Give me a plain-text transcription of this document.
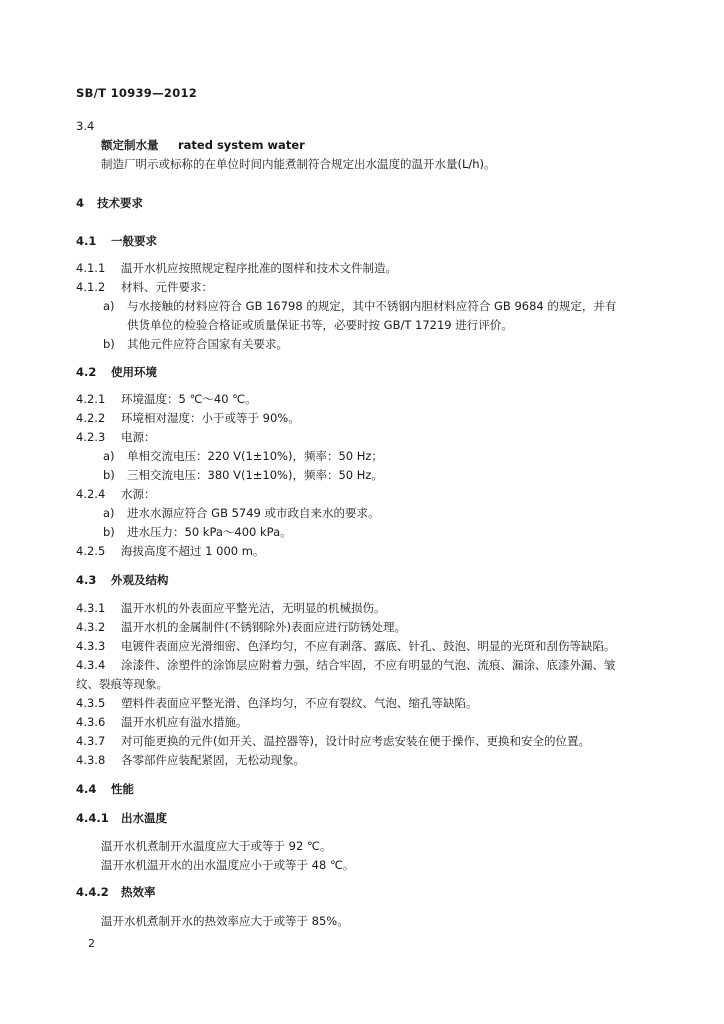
SB/T 10939—2012
3.4
额定制水量 rated system water
制造厂明示或标称的在单位时间内能煮制符合规定出水温度的温开水量(L/h)。
4 技术要求
4.1 一般要求
4.1.1 温开水机应按照规定程序批准的图样和技术文件制造。
4.1.2 材料、元件要求：
a) 与水接触的材料应符合 GB 16798 的规定，其中不锈钢内胆材料应符合 GB 9684 的规定，并有
供货单位的检验合格证或质量保证书等，必要时按 GB/T 17219 进行评价。
b) 其他元件应符合国家有关要求。
4.2 使用环境
4.2.1 环境温度：5 ℃～40 ℃。
4.2.2 环境相对湿度：小于或等于 90%。
4.2.3 电源：
a) 单相交流电压：220 V(1±10%)，频率：50 Hz；
b) 三相交流电压：380 V(1±10%)，频率：50 Hz。
4.2.4 水源：
a) 进水水源应符合 GB 5749 或市政自来水的要求。
b) 进水压力：50 kPa～400 kPa。
4.2.5 海拔高度不超过 1 000 m。
4.3 外观及结构
4.3.1 温开水机的外表面应平整光洁，无明显的机械损伤。
4.3.2 温开水机的金属制件(不锈钢除外)表面应进行防锈处理。
4.3.3 电镀件表面应光滑细密、色泽均匀，不应有剥落、露底、针孔、鼓泡、明显的光斑和刮伤等缺陷。
4.3.4 涂漆件、涂塑件的涂饰层应附着力强，结合牢固，不应有明显的气泡、流痕、漏涂、底漆外漏、皱
纹、裂痕等现象。
4.3.5 塑料件表面应平整光滑、色泽均匀，不应有裂纹、气泡、缩孔等缺陷。
4.3.6 温开水机应有溢水措施。
4.3.7 对可能更换的元件(如开关、温控器等)，设计时应考虑安装在便于操作、更换和安全的位置。
4.3.8 各零部件应装配紧固，无松动现象。
4.4 性能
4.4.1 出水温度
温开水机煮制开水温度应大于或等于 92 ℃。
温开水机温开水的出水温度应小于或等于 48 ℃。
4.4.2 热效率
温开水机煮制开水的热效率应大于或等于 85%。
2
